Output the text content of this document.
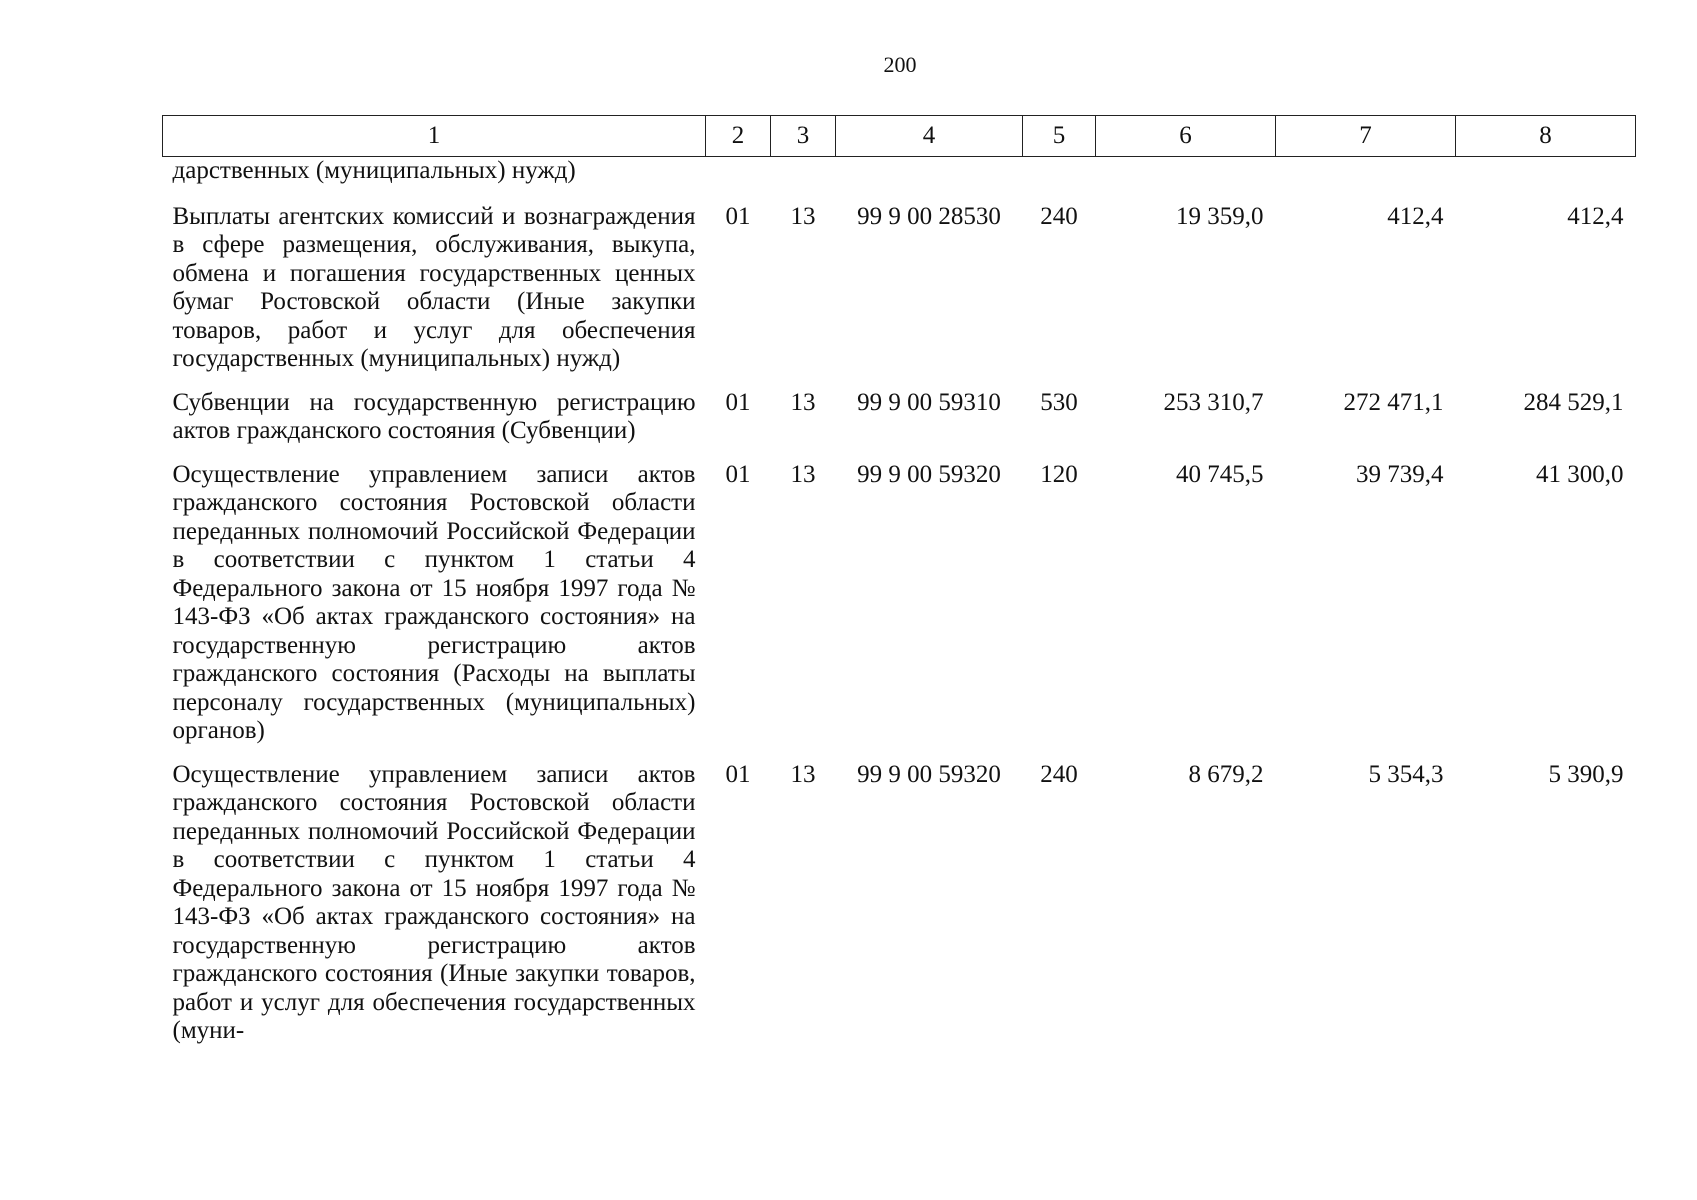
200
1	2	3	4	5	6	7	8
дарственных (муниципальных) нужд)							
Выплаты агентских комиссий и вознаграждения в сфере размещения, обслуживания, выкупа, обмена и погашения государственных ценных бумаг Ростовской области (Иные закупки товаров, работ и услуг для обеспечения государственных (муниципальных) нужд)	01	13	99 9 00 28530	240	19 359,0	412,4	412,4
Субвенции на государственную регистрацию актов гражданского состояния (Субвенции)	01	13	99 9 00 59310	530	253 310,7	272 471,1	284 529,1
Осуществление управлением записи актов гражданского состояния Ростовской области переданных полномочий Российской Федерации в соответствии с пунктом 1 статьи 4 Федерального закона от 15 ноября 1997 года № 143-ФЗ «Об актах гражданского состояния» на государственную регистрацию актов гражданского состояния (Расходы на выплаты персоналу государственных (муниципальных) органов)	01	13	99 9 00 59320	120	40 745,5	39 739,4	41 300,0
Осуществление управлением записи актов гражданского состояния Ростовской области переданных полномочий Российской Федерации в соответствии с пунктом 1 статьи 4 Федерального закона от 15 ноября 1997 года № 143-ФЗ «Об актах гражданского состояния» на государственную регистрацию актов гражданского состояния (Иные закупки товаров, работ и услуг для обеспечения государственных (муни-	01	13	99 9 00 59320	240	8 679,2	5 354,3	5 390,9
